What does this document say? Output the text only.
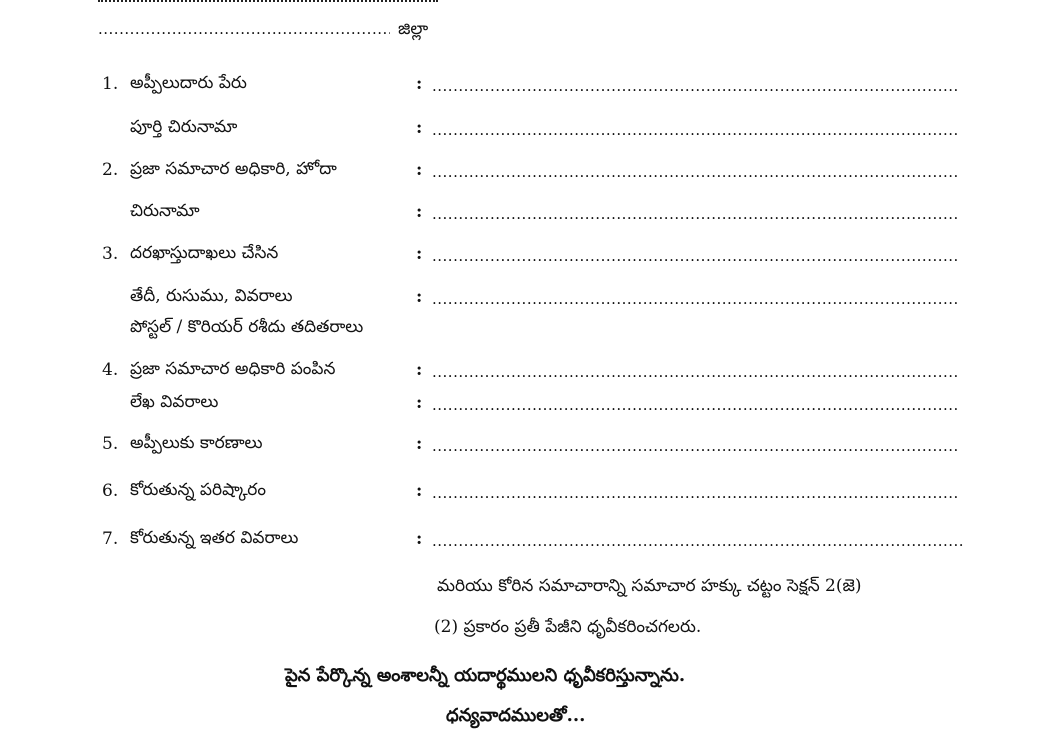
.....
జిల్లా
1. అప్పీలుదారు పేరు	:
.....
పూర్తి చిరునామా	:
.....
2. ప్రజా సమాచార అధికారి, హోదా	:
.....
చిరునామా	:
.....
3. దరఖాస్తుదాఖలు చేసిన	:
.....
తేదీ, రుసుము, వివరాలు	:
.....
పోస్టల్ / కొరియర్ రశీదు తదితరాలు
4. ప్రజా సమాచార అధికారి పంపిన	:
.....
లేఖ వివరాలు	:
.....
5. అప్పీలుకు కారణాలు	:
.....
6. కోరుతున్న పరిష్కారం	:
.....
7. కోరుతున్న ఇతర వివరాలు	:
.....
మరియు కోరిన సమాచారాన్ని సమాచార హక్కు చట్టం సెక్షన్ 2(జె)
(2) ప్రకారం ప్రతీ పేజీని ధృవీకరించగలరు.
పైన పేర్కొన్న అంశాలన్నీ యదార్థములని ధృవీకరిస్తున్నాను.
ధన్యవాదములతో...
